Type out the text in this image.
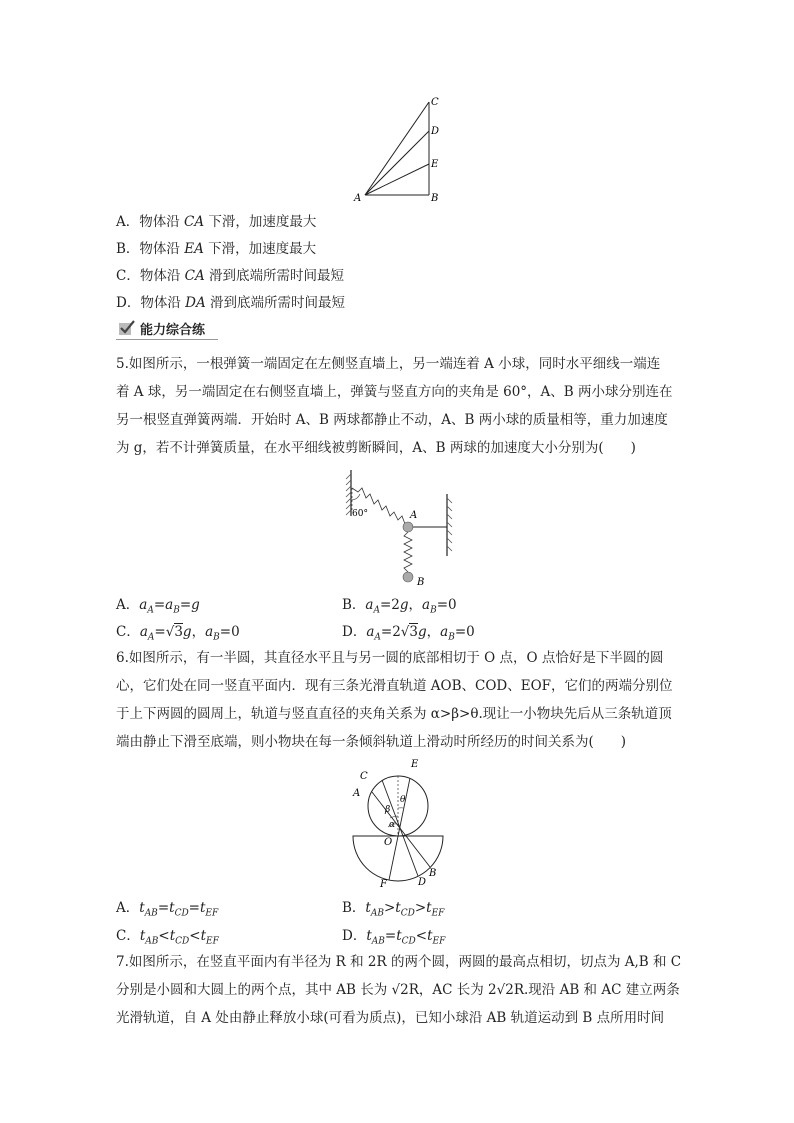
C
D
E
A	B
A．物体沿 CA 下滑，加速度最大
B．物体沿 EA 下滑，加速度最大
C．物体沿 CA 滑到底端所需时间最短
D．物体沿 DA 滑到底端所需时间最短
能力综合练
5.如图所示，一根弹簧一端固定在左侧竖直墙上，另一端连着 A 小球，同时水平细线一端连
着 A 球，另一端固定在右侧竖直墙上，弹簧与竖直方向的夹角是 60°，A、B 两小球分别连在
另一根竖直弹簧两端．开始时 A、B 两球都静止不动，A、B 两小球的质量相等，重力加速度
为 g，若不计弹簧质量，在水平细线被剪断瞬间，A、B 两球的加速度大小分别为(　　)
60°	A
B
A．$a_A=a_B=g$	B．$a_A=2g$，$a_B=0$
C．$a_A=√3g$，$a_B=0$	D．$a_A=2√3g$，$a_B=0$
6.如图所示，有一半圆，其直径水平且与另一圆的底部相切于 O 点，O 点恰好是下半圆的圆
心，它们处在同一竖直平面内．现有三条光滑直轨道 AOB、COD、EOF，它们的两端分别位
于上下两圆的圆周上，轨道与竖直直径的夹角关系为 α>β>θ.现让一小物块先后从三条轨道顶
端由静止下滑至底端，则小物块在每一条倾斜轨道上滑动时所经历的时间关系为(　　)
C
A
E
β
θ
α
O
F	D
B
A．$t_{AB}=t_{CD}=t_{EF}$	B．$t_{AB}>t_{CD}>t_{EF}$
C．$t_{AB}<t_{CD}<t_{EF}$	D．$t_{AB}=t_{CD}<t_{EF}$
7.如图所示，在竖直平面内有半径为 R 和 2R 的两个圆，两圆的最高点相切，切点为 A,B 和 C
分别是小圆和大圆上的两个点，其中 AB 长为 √2R，AC 长为 2√2R.现沿 AB 和 AC 建立两条
光滑轨道，自 A 处由静止释放小球(可看为质点)，已知小球沿 AB 轨道运动到 B 点所用时间
